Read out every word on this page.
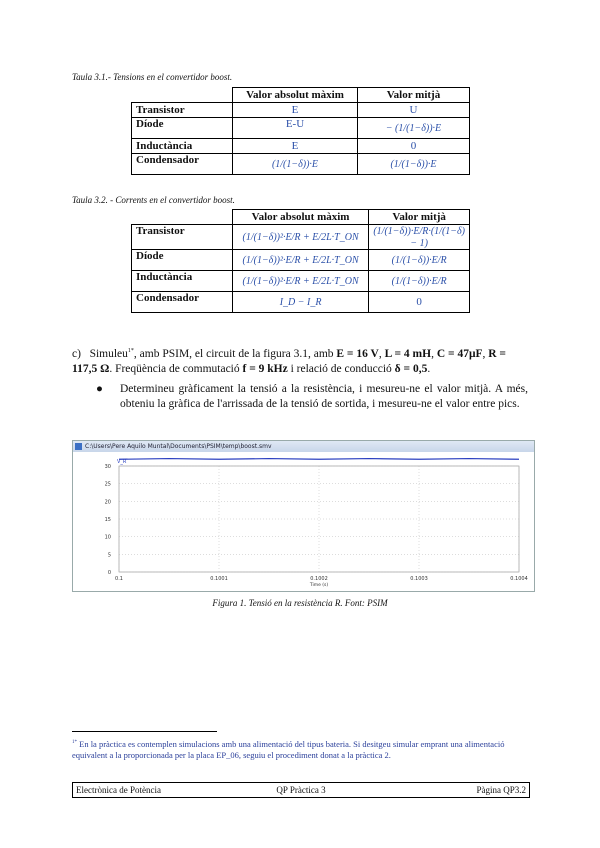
Taula 3.1.- Tensions en el convertidor boost.
	Valor absolut màxim	Valor mitjà
Transistor	E	U
Díode	E-U	− (1/(1−δ))·E
Inductància	E	0
Condensador	(1/(1−δ))·E	(1/(1−δ))·E
Taula 3.2. - Corrents en el convertidor boost.
	Valor absolut màxim	Valor mitjà
Transistor	(1/(1−δ))²·E/R + E/2L·T_ON	(1/(1−δ))·E/R·(1/(1−δ) − 1)
Díode	(1/(1−δ))²·E/R + E/2L·T_ON	(1/(1−δ))·E/R
Inductància	(1/(1−δ))²·E/R + E/2L·T_ON	(1/(1−δ))·E/R
Condensador	I_D − I_R	0
c) Simuleu$^{1*}$, amb PSIM, el circuit de la figura 3.1, amb E = 16 V, L = 4 mH, C = 47μF, R = 117,5 Ω. Freqüència de commutació f = 9 kHz i relació de conducció δ = 0,5.
● Determineu gràficament la tensió a la resistència, i mesureu-ne el valor mitjà. A més, obteniu la gràfica de l'arrissada de la tensió de sortida, i mesureu-ne el valor entre pics.
C:\Users\Pere Aquilo Muntal\Documents\PSIM\temp\boost.smv
30
25
20
15
10
5
0
0.1	0.1001	0.1002	0.1003	0.1004
Time (s)
V_R
Figura 1. Tensió en la resistència R. Font: PSIM
$^{1*}$ En la pràctica es contemplen simulacions amb una alimentació del tipus bateria. Si desitgeu simular emprant una alimentació equivalent a la proporcionada per la placa EP_06, seguiu el procediment donat a la pràctica 2.
Electrònica de Potència	QP Pràctica 3	Pàgina QP3.2
